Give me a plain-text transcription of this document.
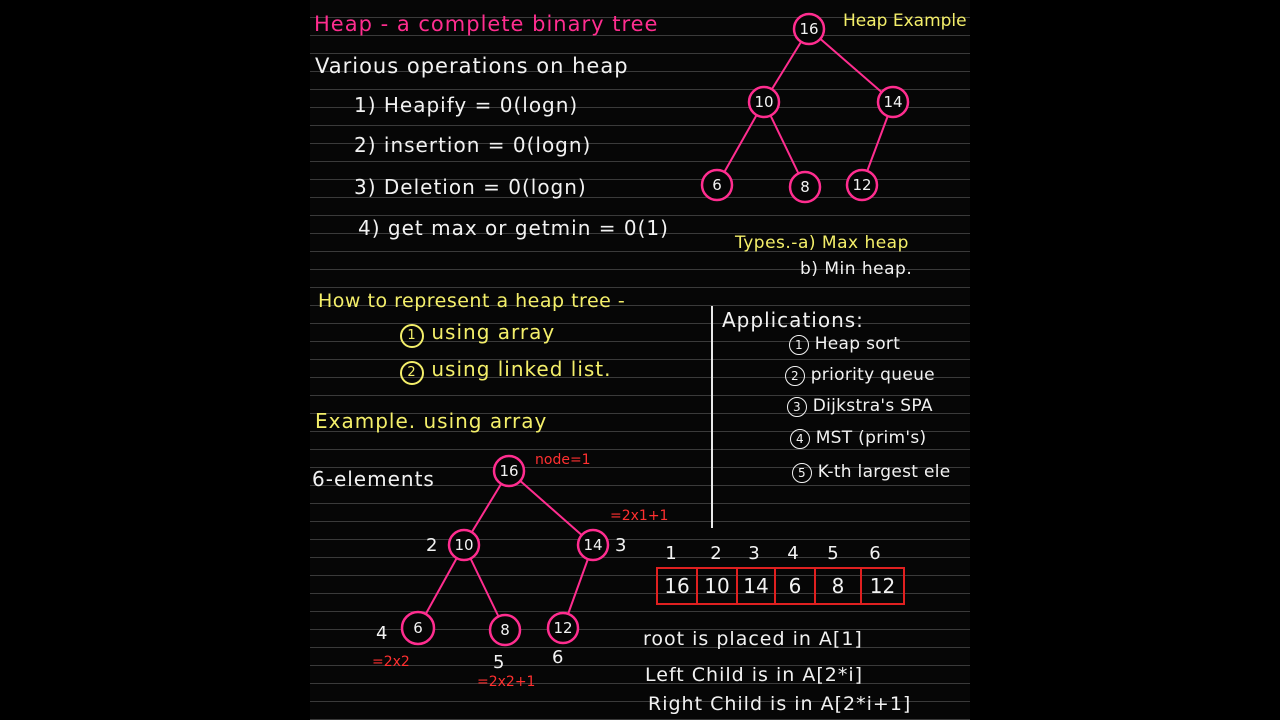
Heap - a complete binary tree
Various operations on heap
1) Heapify = 0(logn)
2) insertion = 0(logn)
3) Deletion = 0(logn)
4) get max or getmin = 0(1)
Heap Example
Types.-a) Max heap
b) Min heap.
How to represent a heap tree -
1 using array
2 using linked list.
Example. using array
6-elements
Applications:
1 Heap sort
2 priority queue
3 Dijkstra's SPA
4 MST (prim's)
5 K-th largest ele
16
10	14
6	8	12
16
10	14
6	8	12
2	3
4
5	6
node=1
=2x1+1
=2x2
=2x2+1
1	2	3	4	5	6
16 10 14 6	8	12
root is placed in A[1]
Left Child is in A[2*i]
Right Child is in A[2*i+1]
